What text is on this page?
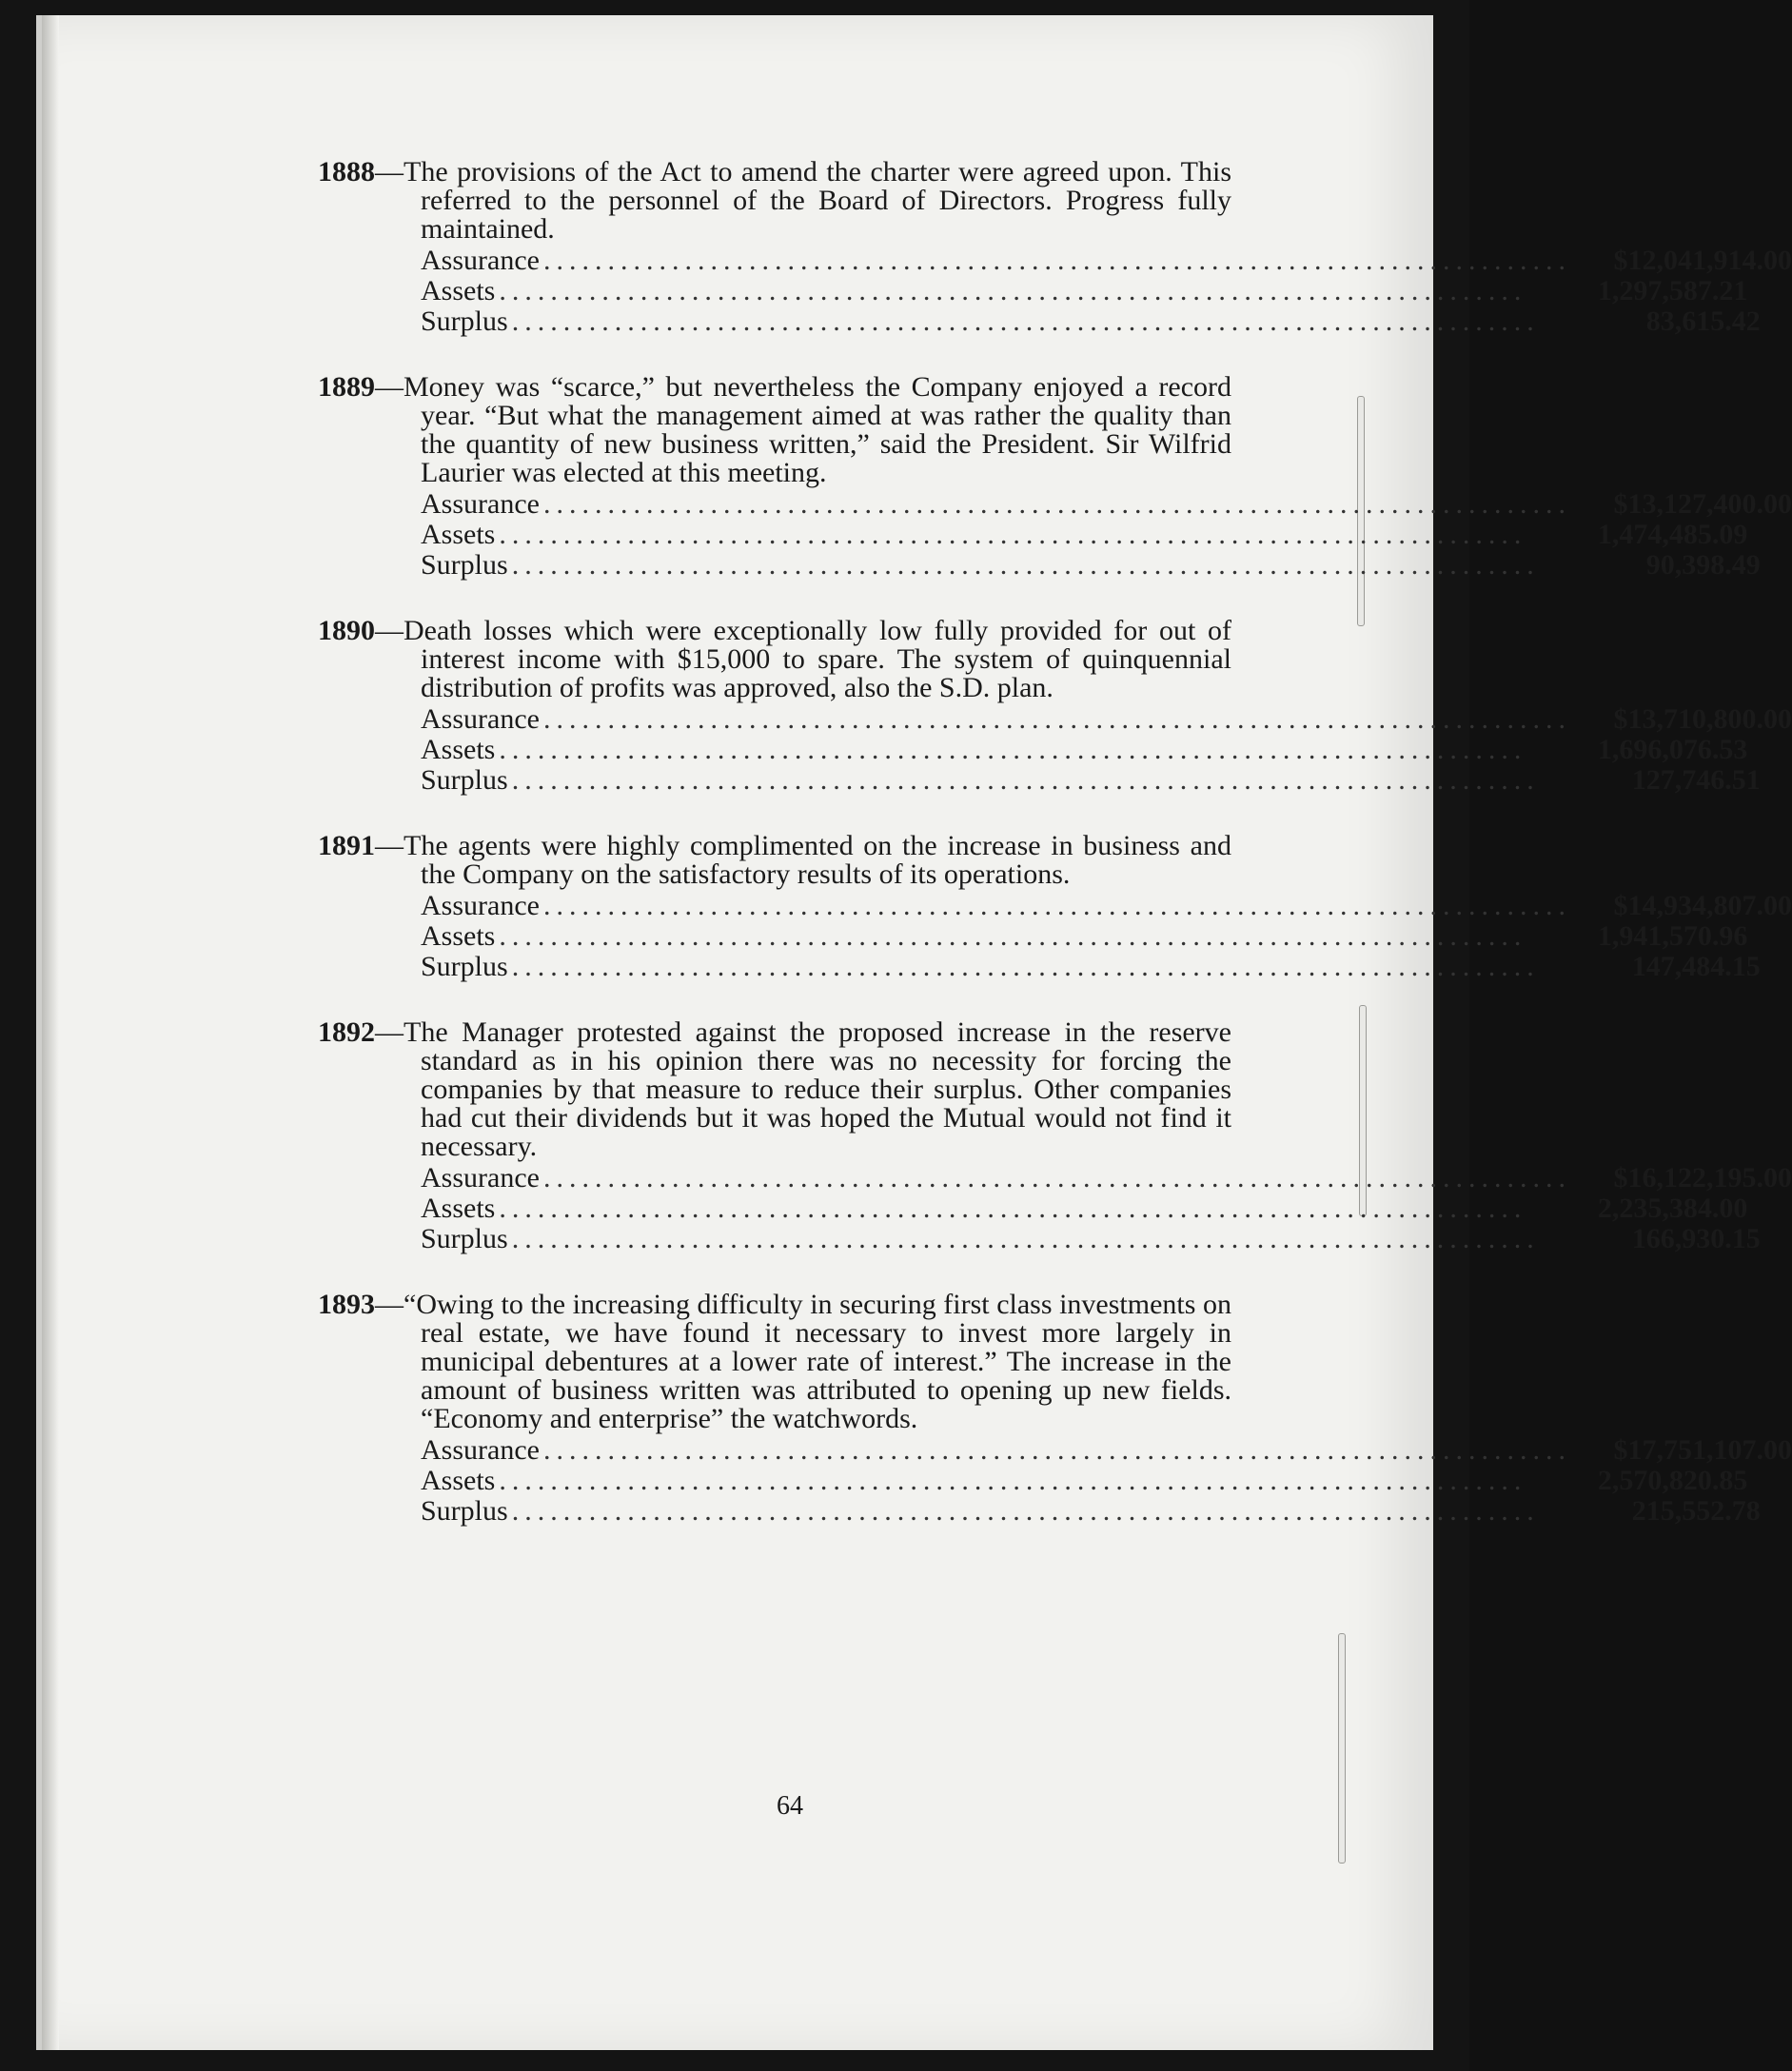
1888—The provisions of the Act to amend the charter were agreed upon. This referred to the personnel of the Board of Directors. Progress fully maintained.

Assurance ................................................................................	$12,041,914.00
Assets ................................................................................	1,297,587.21
Surplus ................................................................................	83,615.42

1889—Money was “scarce,” but nevertheless the Company enjoyed a record year. “But what the management aimed at was rather the quality than the quantity of new business written,” said the President. Sir Wilfrid Laurier was elected at this meeting.

Assurance ................................................................................	$13,127,400.00
Assets ................................................................................	1,474,485.09
Surplus ................................................................................	90,398.49

1890—Death losses which were exceptionally low fully provided for out of interest income with $15,000 to spare. The system of quinquennial distribution of profits was approved, also the S.D. plan.

Assurance ................................................................................	$13,710,800.00
Assets ................................................................................	1,696,076.53
Surplus ................................................................................	127,746.51

1891—The agents were highly complimented on the increase in business and the Company on the satisfactory results of its operations.

Assurance ................................................................................	$14,934,807.00
Assets ................................................................................	1,941,570.96
Surplus ................................................................................	147,484.15

1892—The Manager protested against the proposed increase in the reserve standard as in his opinion there was no necessity for forcing the companies by that measure to reduce their surplus. Other companies had cut their dividends but it was hoped the Mutual would not find it necessary.

Assurance ................................................................................	$16,122,195.00
Assets ................................................................................	2,235,384.00
Surplus ................................................................................	166,930.15

1893—“Owing to the increasing difficulty in securing first class investments on real estate, we have found it necessary to invest more largely in municipal debentures at a lower rate of interest.” The increase in the amount of business written was attributed to opening up new fields. “Economy and enterprise” the watchwords.

Assurance ................................................................................	$17,751,107.00
Assets ................................................................................	2,570,820.85
Surplus ................................................................................	215,552.78
64
